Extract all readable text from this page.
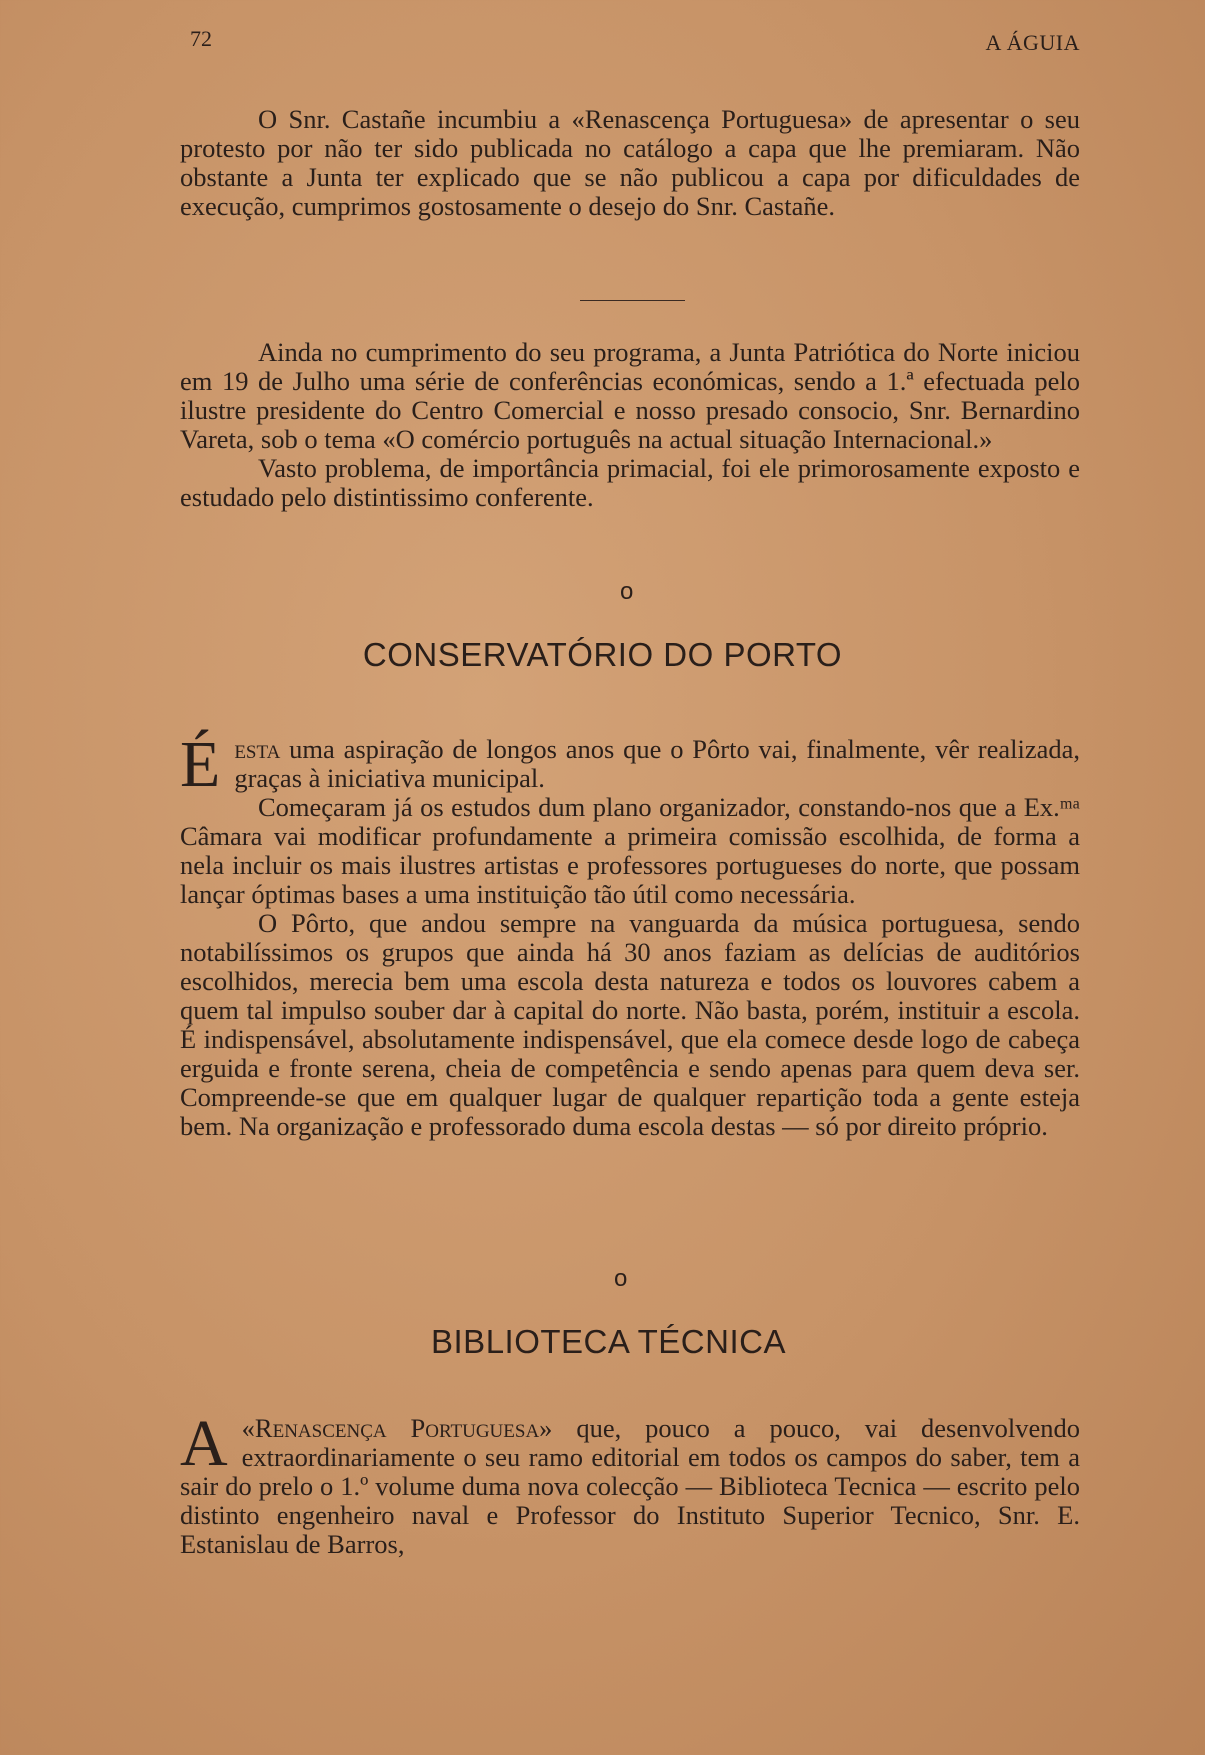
72	A ÁGUIA

O Snr. Castañe incumbiu a «Renascença Portuguesa» de apresentar o seu protesto por não ter sido publicada no catálogo a capa que lhe premiaram. Não obstante a Junta ter explicado que se não publicou a capa por dificuldades de execução, cumprimos gostosamente o desejo do Snr. Castañe.

Ainda no cumprimento do seu programa, a Junta Patriótica do Norte iniciou em 19 de Julho uma série de conferências económicas, sendo a 1.ª efectuada pelo ilustre presidente do Centro Comercial e nosso presado consocio, Snr. Bernardino Vareta, sob o tema «O comércio português na actual situação Internacional.»

Vasto problema, de importância primacial, foi ele primorosamente exposto e estudado pelo distintissimo conferente.

o
CONSERVATÓRIO DO PORTO

Éesta uma aspiração de longos anos que o Pôrto vai, finalmente, vêr realizada, graças à iniciativa municipal.

Começaram já os estudos dum plano organizador, constando-nos que a Ex.ᵐᵃ Câmara vai modificar profundamente a primeira comissão escolhida, de forma a nela incluir os mais ilustres artistas e professores portugueses do norte, que possam lançar óptimas bases a uma instituição tão útil como necessária.

O Pôrto, que andou sempre na vanguarda da música portuguesa, sendo notabilíssimos os grupos que ainda há 30 anos faziam as delícias de auditórios escolhidos, merecia bem uma escola desta natureza e todos os louvores cabem a quem tal impulso souber dar à capital do norte. Não basta, porém, instituir a escola. É indispensável, absolutamente indispensável, que ela comece desde logo de cabeça erguida e fronte serena, cheia de competência e sendo apenas para quem deva ser. Compreende-se que em qualquer lugar de qualquer repartição toda a gente esteja bem. Na organização e professorado duma escola destas — só por direito próprio.

o
BIBLIOTECA TÉCNICA

A «Renascença Portuguesa» que, pouco a pouco, vai desenvolvendo extraordinariamente o seu ramo editorial em todos os campos do saber, tem a sair do prelo o 1.º volume duma nova colecção — Biblioteca Tecnica — escrito pelo distinto engenheiro naval e Professor do Instituto Superior Tecnico, Snr. E. Estanislau de Barros,
